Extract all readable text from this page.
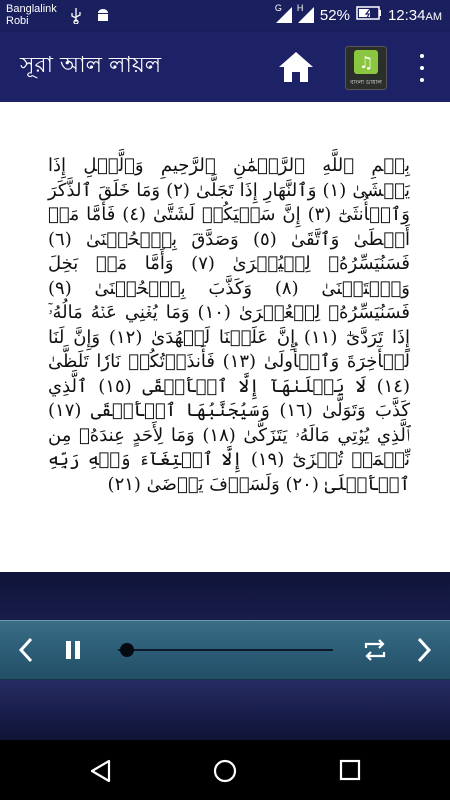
Banglalink
Robi
G H 52%	12:34AM
সূরা আল লায়ল	♫
বাংলা ডায়াল

بِسۡمِ ٱللَّهِ ٱلرَّحۡمَٰنِ ٱلرَّحِيمِ وَٱلَّيۡلِ إِذَا يَغۡشَىٰ (١) وَٱلنَّهَارِ إِذَا تَجَلَّىٰ (٢) وَمَا خَلَقَ ٱلذَّكَرَ وَٱلۡأُنثَىٰٓ (٣) إِنَّ سَعۡيَكُمۡ لَشَتَّىٰ (٤) فَأَمَّا مَنۡ أَعۡطَىٰ وَٱتَّقَىٰ (٥) وَصَدَّقَ بِٱلۡحُسۡنَىٰ (٦) فَسَنُيَسِّرُهُۥ لِلۡيُسۡرَىٰ (٧) وَأَمَّا مَنۢ بَخِلَ وَٱسۡتَغۡنَىٰ (٨) وَكَذَّبَ بِٱلۡحُسۡنَىٰ (٩) فَسَنُيَسِّرُهُۥ لِلۡعُسۡرَىٰ (١٠) وَمَا يُغۡنِي عَنۡهُ مَالُهُۥٓ إِذَا تَرَدَّىٰٓ (١١) إِنَّ عَلَيۡنَا لَلۡهُدَىٰ (١٢) وَإِنَّ لَنَا لَلۡأٓخِرَةَ وَٱلۡأُولَىٰ (١٣) فَأَنذَرۡتُكُمۡ نَارٗا تَلَظَّىٰ (١٤) لَا يَصۡلَىٰهَآ إِلَّا ٱلۡأَشۡقَى (١٥) ٱلَّذِي كَذَّبَ وَتَوَلَّىٰ (١٦) وَسَيُجَنَّبُهَا ٱلۡأَتۡقَى (١٧) ٱلَّذِي يُؤۡتِي مَالَهُۥ يَتَزَكَّىٰ (١٨) وَمَا لِأَحَدٍ عِندَهُۥ مِن نِّعۡمَةٖ تُجۡزَىٰٓ (١٩) إِلَّا ٱبۡتِغَآءَ وَجۡهِ رَبِّهِ ٱلۡأَعۡلَىٰ (٢٠) وَلَسَوۡفَ يَرۡضَىٰ (٢١)
